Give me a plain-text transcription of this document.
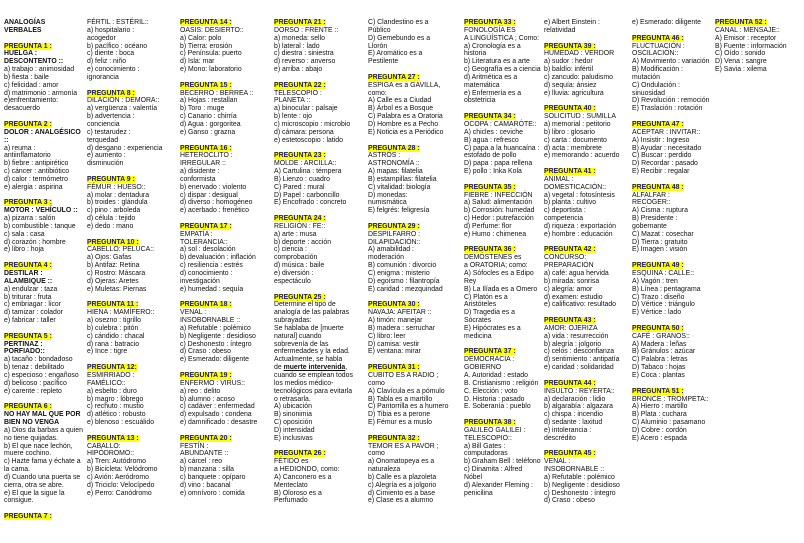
ANALOGÍAS
VERBALES
PREGUNTA 1 :

HUELGA :
DESCONTENTO ::
a) trabajo : animosidad
b) fiesta : baile
c) felicidad : amor
d) matrimonio : armonía
e)enfrentamiento:
desacuerdo
PREGUNTA 2 :

DOLOR : ANALGÉSICO ::
a) reuma :
antiinflamatorio
b) fiebre : antipirético
c) cáncer : antibiótico
d) calor : termómetro
e) alergia : aspirina
PREGUNTA 3 :

MOTOR : VEHÍCULO ::
a) pizarra : salón
b) combustible : tanque
c) sala : casa
d) corazón : hombre
e) libro : hoja
PREGUNTA 4 :

DESTILAR :
ALAMBIQUE ::
a) endulzar : taza
b) triturar : fruta
c) embriagar : licor
d) tamizar : colador
e) fabricar : taller
PREGUNTA 5 :

PERTINAZ :
PORFIADO::
a) tacaño : bondadoso
b) tenaz : debilitado
c) especioso : engañoso
d) belicoso : pacífico
e) carente : repleto
PREGUNTA 6 :

NO HAY MAL QUE POR
BIEN NO VENGA
a) Dios da barbas a quien
no tiene quijadas.
b) El que nace lechón,
muere cochino.
c) Hazte fama y échate a
la cama.
d) Cuando una puerta se
cierra, otra se abre.
e) El que la sigue la
consigue.
PREGUNTA 7 :

FÉRTIL : ESTÉRIL::
a) hospitalario :
acogedor
b) pacífico : océano
c) diente : boca
d) feliz : niño
e) conocimiento :
ignorancia
PREGUNTA 8 :

DILACIÓN : DEMORA::
a) vergüenza : valentía
b) advertencia :
conciencia
c) testarudez :
terquedad
d) desgano : experiencia
e) aumento :
disminución
PREGUNTA 9 :

FÉMUR : HUESO::
a) molar : dentadura
b) troides : glándula
c) pino : arboleda
d) célula : tejido
e) dedo : mano
PREGUNTA 10 :

CABELLO: PELUCA::
a) Ojos: Gafas
b) Antifaz: Retina
c) Rostro: Máscara
d) Ojeras: Aretes
e) Muletas: Piernas
PREGUNTA 11 :

HIENA : MAMÍFERO::
a) osezno : tigrillo
b) culebra : pitón
c) cándido : chacal
d) rana : batracio
e) Ince : tigre
PREGUNTA 12:

ESMIRRIADO :
FAMÉLICO::
a) esbelto : duro
b) magro : lóbrego
c) rechuto : mustio
d) atlético : robusto
e) blenoso : escuálido
PREGUNTA 13 :

CABALLO:
HIPÓDROMO::
a) Tren: Autódromo
b) Bicicleta: Velódromo
c) Avión: Aeródromo
d) Triciclo: Velocípedo
e) Perro: Canódromo
PREGUNTA 14 :

OASIS: DESIERTO::
a) Calor: polo
b) Tierra: erosión
c) Península: puerto
d) Isla: mar
e) Mono: laboratorio
PREGUNTA 15 :

BECERRO : BERREA ::
a) Hojas : restallan
b) Toro : muge
c) Canario : chirría
d) Agua : gorgoritea
e) Ganso : grazna
PREGUNTA 16 :

HETEROCLITO :
IRREGULAR ::
a) disidente :
conformista
b) enervado : violento
c) dispar : desigual
d) diverso : homogéneo
e) acerbado : frenético
PREGUNTA 17 :

EMPATÍA :
TOLERANCIA::
a) sol : desolación
b) devaluación : inflación
c) resiliencia : estrés
d) conocimiento :
investigación
e) humedad : sequía
PREGUNTA 18 :

VENAL :
INSOBORNABLE ::
a) Refutable : polémico
b) Negligente : desidioso
c) Deshonesto : íntegro
d) Craso : obeso
e) Esmerado: diligente
PREGUNTA 19 :

ENFERMO : VIRUS::
a) reo : delito
b) alumno : acoso
c) cadáver : enfermedad
d) expulsado : condena
e) damnificado : desastre
PREGUNTA 20 :

FESTÍN :
ABUNDANTE ::
a) cárcel : reo
b) manzana : silla
c) banquete : opíparo
d) vino : bacanal
e) omnívoro : comida
PREGUNTA 21 :

DORSO : FRENTE ::
a) moneda: sello
b) lateral : lado
c) diestra : siniestra
d) reverso : anverso
e) arriba : abajo
PREGUNTA 22 :

TELESCOPIO :
PLANETA ::
a) binocular : palsaje
b) lente : ojo
c) microscopio : microbio
d) cámara: persona
e) estetoscopio : latido
PREGUNTA 23 :

MOLDE : ARCILLA::
A) Cartulina : témpera
B) Lienzo : cuadro
C) Pared : mural
D) Papel : carboncillo
E) Encofrado : concreto
PREGUNTA 24 :

RELIGIÓN : FE::
a) arte : musa
b) deporte : acción
c) ciencia :
comprobación
d) música : baile
e) diversión :
espectáculo
PREGUNTA 25 :

Determine el tipo de
analogía de las palabras
subrayadas:
Se hablaba de [muerte
natural] cuando
sobrevenía de las
enfermedades y la edad.
Actualmente, se habla
de muerte intervenida,
cuando se emplean todos
los medios médico-
tecnológicos para evitarla
o retrasarla.
A) ubicación
B) sinonimia
C) oposición
D) intensidad
E) inclusivas
PREGUNTA 26 :

FÉTIDO es
a HEDIONDO, como:
A) Canconero es a
Menteclato
B) Oloroso es a
Perfumado
C) Clandestino es a
Público
D) Gemebundo es a
Llorón
E) Aromático es a
Pestilente
PREGUNTA 27 :

ESPIGA es a GAVILLA,
como:
A) Calle es a Ciudad
B) Árbol es a Bosque
C) Palabra es a Oratoria
D) Hombre es a Pecho
E) Noticia es a Periódico
PREGUNTA 28 :

ASTRÓS :
ASTRONOMÍA ::
A) mapas: filatelia
B) estampillas: filatelia
C) vitalidad: biología
D) monedas:
numismática
E) felgrés: feligresía
PREGUNTA 29 :

DESPILFARRO :
DILAPIDACIÓN::
A) amabilidad :
moderación
B) comunión : divorcio
C) enigma : misterio
D) egoísmo : filantropía
E) caridad : mezquindad
PREGUNTA 30 :

NAVAJA: AFEITAR ::
A) timón: manejar
B) madera : serruchar
C) libro: leer
D) camisa: vestir
E) ventana: mirar
PREGUNTA 31 :

CUBITO ES A RADIO ;
como
A) Clavícula es a pómulo
B) Tabla es a martillo
C) Pantorrilla es a humero
D) Tibia es a perone
E) Fémur es a muslo
PREGUNTA 32 :

TEMOR ES A PAVOR ;
como
a) Onomatopeya es a
naturaleza
b) Calle es a plazoleta
c) Alegría es a jolgorio
d) Cimiento es a base
e) Clase es a alumno
PREGUNTA 33 :

FONOLOGÍA ES
A LINGÜÍSTICA ; Como:
a) Cronología es a
historia
b) Literatura es a arte
c) Geografía es a ciencia
d) Aritmética es a
matemática
e) Enfermería es a
obstetricia
PREGUNTA 34 :

OCOPA : CAMARÓTE::
A) chicles : ceviche
B) agua : refresco
C) papa a la huancaína :
estofado de pollo
D) papa : papa rellena
E) pollo : Inka Kola
PREGUNTA 35 :

FIEBRE : INFECCIÓN
a) Salud: alimentación
b) Corrosión: humedad
c) Hedor : putrefacción
d) Perfume: flor
e) Humo : chimenea
PREGUNTA 36 :

DEMÓSTENES es
a ORATORIA; como:
A) Sófocles es a Edipo
Rey
B) La Ilíada es a Omero
C) Platón es a
Aristóteles
D) Tragedia es a
Sócrates
E) Hipócrates es a
medicina
PREGUNTA 37 :

DEMOCRACIA :
GOBIERNO
A. Autoridad : estado
B. Cristianismo : religión
C. Elección : voto
D. Historia : pasado
E. Soberanía : pueblo
PREGUNTA 38 :

GALILEO GALILEI :
TELESCOPIO::
a) Bill Gates :
computadoras
b) Graham Bell : teléfono
c) Dinamita : Alfred
Nóbel
d) Alexander Fleming :
penicilina
e) Albert Einstein :
relatividad
PREGUNTA 39 :

HUMEDAD : VERDOR
a) sudor : hedor
b) baldío: infértil
c) zancudo: paludismo
d) sequía: ánsiez
e) lluvia: agricultura
PREGUNTA 40 :

SOLICITUD : SUMILLA
a) memorial : petitorio
b) libro : glosario
c) carta : documento
d) acta : membrete
e) memorando : acuerdo
PREGUNTA 41 :

ANIMAL :
DOMESTICACIÓN::
a) vegetal : fotosíntesis
b) planta : cultivo
c) deportista :
competencia
d) riqueza : exportación
e) hombre : educación
PREGUNTA 42 :

CONCURSO:
PREPARACIÓN
a) café: agua hervida
b) mirada: sonrisa
c) alegría: amor
d) examen: estudio
e) calificativo: resultado
PREGUNTA 43 :

AMOR: OJERIZA
a) vida : resurrección
b) alegría : jolgorio
c) celos : desconfianza
d) sentimiento : antipatía
e) caridad : solidaridad
PREGUNTA 44 :

INSULTO : REYERTA::
a) declaración : lidio
b) algarabía : algazara
c) chispa : incendio
d) sedante : laxitud
e) intolerancia :
descrédito
PREGUNTA 45 :

VENAL :
INSOBORNABLE ::
a) Refutable : polémico
b) Negligente : desidioso
c) Deshonesto : íntegro
d) Craso : obeso
e) Esmerado: diligente
PREGUNTA 46 :

FLUCTUACIÓN :
OSCILACIÓN::
A) Movimiento : variación
B) Modificación :
mutación
C) Ondulación :
sinuosidad
D) Revolución : remoción
E) Traslación : rotación
PREGUNTA 47 :

ACEPTAR : INVITAR::
A) Insistir : Ingreso
B) Ayudar : necesitado
C) Buscar : perdido
D) Recordar : pasado
E) Recibir : regalar
PREGUNTA 48 :

ALFALFAR :
RECOGER::
A) Cisma : ruptura
B) Presidente :
gobernante
C) Mazat : cosechar
D) Tierra : gratuito
E) Imagen : visión
PREGUNTA 49 :

ESQUINA : CALLE::
A) Vagón : tren
B) Línea : pentagrama
C) Trazo : diseño
D) Vértice : triángulo
E) Vértice : lado
PREGUNTA 50 :

CAFÉ : GRANOS::
A) Madera : leñas
B) Gránulos : azúcar
C) Palabra : letras
D) Tabaco : hojas
E) Coca : plantas
PREGUNTA 51 :

BRONCE : TROMPETA::
A) Hierro : martillo
B) Plata : cuchara
C) Aluminio : pasamano
D) Cobre : cordón
E) Acero : espada
PREGUNTA 52 :

CANAL : MENSAJE::
A) Emisor : receptor
B) Fuente : información
C) Oído : sonido
D) Vena : sangre
E) Savia : xilema
